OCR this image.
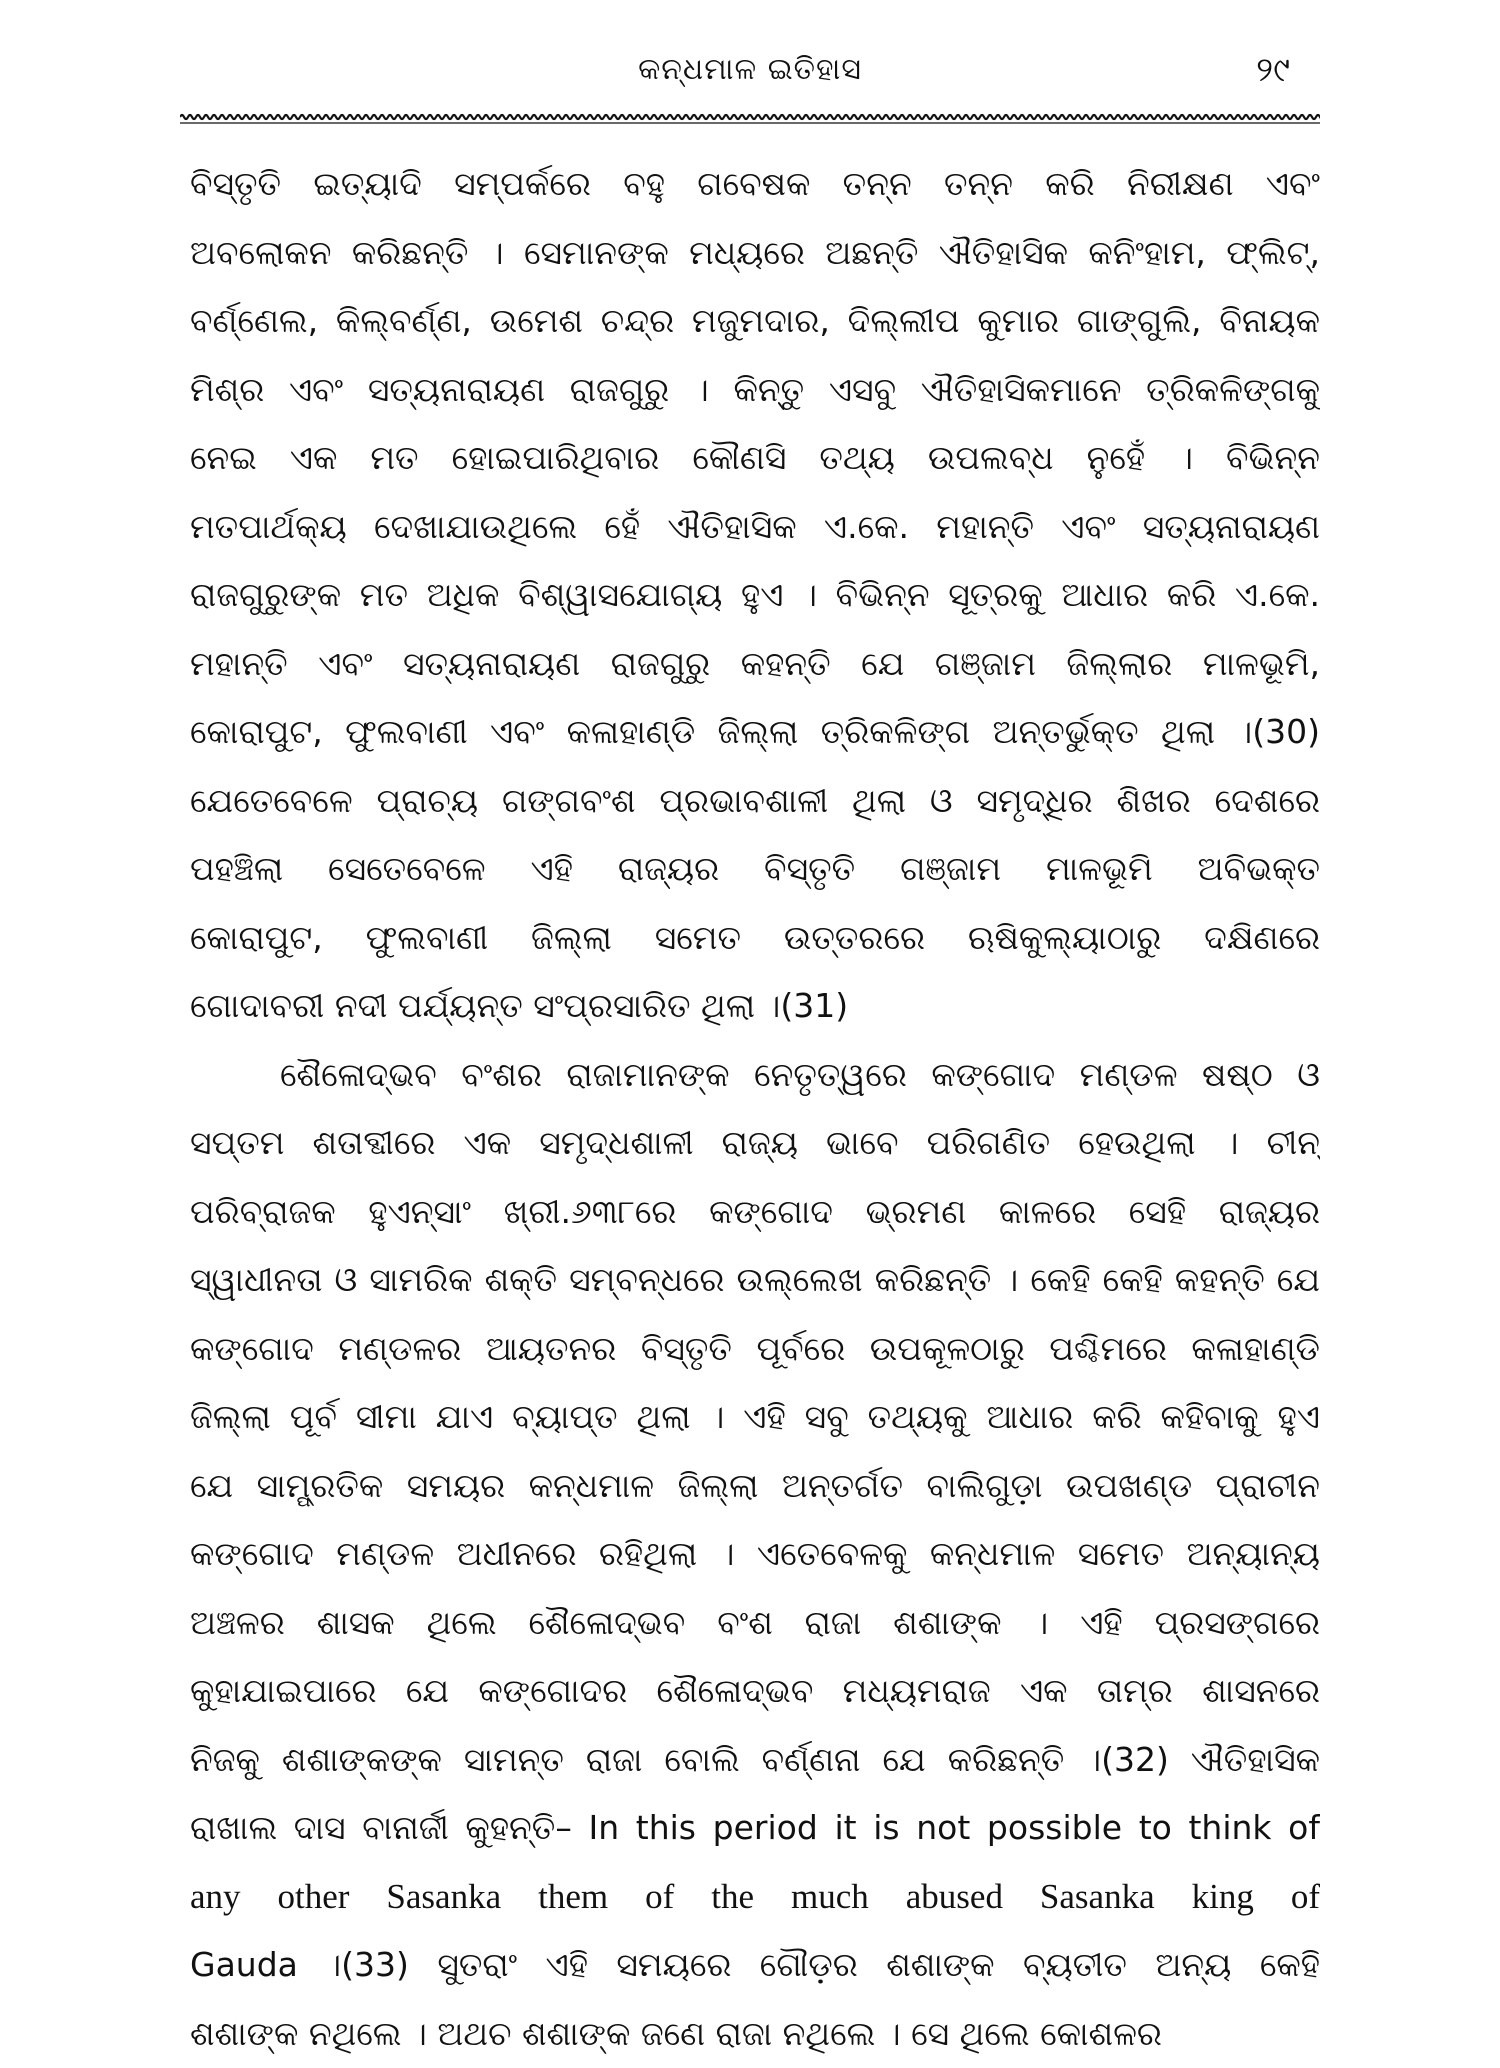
କନ୍ଧମାଳ ଇତିହାସ	୨୯
ବିସ୍ତୃତି ଇତ୍ୟାଦି ସମ୍ପର୍କରେ ବହୁ ଗବେଷକ ତନ୍ନ ତନ୍ନ କରି ନିରୀକ୍ଷଣ ଏବଂ
ଅବଲୋକନ କରିଛନ୍ତି । ସେମାନଙ୍କ ମଧ୍ୟରେ ଅଛନ୍ତି ଐତିହାସିକ କନିଂହାମ, ଫ୍ଲିଟ୍,
ବର୍ଣ୍ଣେଲ, କିଲ୍‌ବର୍ଣ୍ଣ, ଉମେଶ ଚନ୍ଦ୍ର ମଜୁମଦାର, ଦିଲ୍ଲୀପ କୁମାର ଗାଙ୍ଗୁଲି, ବିନାୟକ
ମିଶ୍ର ଏବଂ ସତ୍ୟନାରାୟଣ ରାଜଗୁରୁ । କିନ୍ତୁ ଏସବୁ ଐତିହାସିକମାନେ ତ୍ରିକଳିଙ୍ଗକୁ
ନେଇ ଏକ ମତ ହୋଇପାରିଥିବାର କୌଣସି ତଥ୍ୟ ଉପଲବ୍ଧ ନୁହେଁ । ବିଭିନ୍ନ
ମତପାର୍ଥକ୍ୟ ଦେଖାଯାଉଥିଲେ ହେଁ ଐତିହାସିକ ଏ.କେ. ମହାନ୍ତି ଏବଂ ସତ୍ୟନାରାୟଣ
ରାଜଗୁରୁଙ୍କ ମତ ଅଧିକ ବିଶ୍ୱାସଯୋଗ୍ୟ ହୁଏ । ବିଭିନ୍ନ ସୂତ୍ରକୁ ଆଧାର କରି ଏ.କେ.
ମହାନ୍ତି ଏବଂ ସତ୍ୟନାରାୟଣ ରାଜଗୁରୁ କହନ୍ତି ଯେ ଗଞ୍ଜାମ ଜିଲ୍ଲାର ମାଳଭୂମି,
କୋରାପୁଟ, ଫୁଲବାଣୀ ଏବଂ କଳାହାଣ୍ଡି ଜିଲ୍ଲା ତ୍ରିକଳିଙ୍ଗ ଅନ୍ତର୍ଭୁକ୍ତ ଥିଲା ।(30)
ଯେତେବେଳେ ପ୍ରାଚ୍ୟ ଗଙ୍ଗବଂଶ ପ୍ରଭାବଶାଳୀ ଥିଲା ଓ ସମୃଦ୍ଧିର ଶିଖର ଦେଶରେ
ପହଞ୍ଚିଲା ସେତେବେଳେ ଏହି ରାଜ୍ୟର ବିସ୍ତୃତି ଗଞ୍ଜାମ ମାଳଭୂମି ଅବିଭକ୍ତ
କୋରାପୁଟ, ଫୁଲବାଣୀ ଜିଲ୍ଲା ସମେତ ଉତ୍ତରରେ ଋଷିକୁଲ୍ୟାଠାରୁ ଦକ୍ଷିଣରେ
ଗୋଦାବରୀ ନଦୀ ପର୍ଯ୍ୟନ୍ତ ସଂପ୍ରସାରିତ ଥିଲା ।(31)
ଶୈଳୋଦ୍ଭବ ବଂଶର ରାଜାମାନଙ୍କ ନେତୃତ୍ୱରେ କଙ୍ଗୋଦ ମଣ୍ଡଳ ଷଷ୍ଠ ଓ
ସପ୍ତମ ଶତାବ୍ଦୀରେ ଏକ ସମୃଦ୍ଧଶାଳୀ ରାଜ୍ୟ ଭାବେ ପରିଗଣିତ ହେଉଥିଲା । ଚୀନ୍
ପରିବ୍ରାଜକ ହୁଏନ୍‌ସାଂ ଖ୍ରୀ.୬୩୮ରେ କଙ୍ଗୋଦ ଭ୍ରମଣ କାଳରେ ସେହି ରାଜ୍ୟର
ସ୍ୱାଧୀନତା ଓ ସାମରିକ ଶକ୍ତି ସମ୍ବନ୍ଧରେ ଉଲ୍ଲେଖ କରିଛନ୍ତି । କେହି କେହି କହନ୍ତି ଯେ
କଙ୍ଗୋଦ ମଣ୍ଡଳର ଆୟତନର ବିସ୍ତୃତି ପୂର୍ବରେ ଉପକୂଳଠାରୁ ପଶ୍ଚିମରେ କଳାହାଣ୍ଡି
ଜିଲ୍ଲା ପୂର୍ବ ସୀମା ଯାଏ ବ୍ୟାପ୍ତ ଥିଲା । ଏହି ସବୁ ତଥ୍ୟକୁ ଆଧାର କରି କହିବାକୁ ହୁଏ
ଯେ ସାମ୍ପ୍ରତିକ ସମୟର କନ୍ଧମାଳ ଜିଲ୍ଲା ଅନ୍ତର୍ଗତ ବାଲିଗୁଡ଼ା ଉପଖଣ୍ଡ ପ୍ରାଚୀନ
କଙ୍ଗୋଦ ମଣ୍ଡଳ ଅଧୀନରେ ରହିଥିଲା । ଏତେବେଳକୁ କନ୍ଧମାଳ ସମେତ ଅନ୍ୟାନ୍ୟ
ଅଞ୍ଚଳର ଶାସକ ଥିଲେ ଶୈଳୋଦ୍ଭବ ବଂଶ ରାଜା ଶଶାଙ୍କ । ଏହି ପ୍ରସଙ୍ଗରେ
କୁହାଯାଇପାରେ ଯେ କଙ୍ଗୋଦର ଶୈଳୋଦ୍ଭବ ମଧ୍ୟମରାଜ ଏକ ତାମ୍ର ଶାସନରେ
ନିଜକୁ ଶଶାଙ୍କଙ୍କ ସାମନ୍ତ ରାଜା ବୋଲି ବର୍ଣ୍ଣନା ଯେ କରିଛନ୍ତି ।(32) ଐତିହାସିକ
ରାଖାଲ ଦାସ ବାନାର୍ଜୀ କୁହନ୍ତି– In this period it is not possible to think of
any other Sasanka them of the much abused Sasanka king of
Gauda ।(33) ସୁତରାଂ ଏହି ସମୟରେ ଗୌଡ଼ର ଶଶାଙ୍କ ବ୍ୟତୀତ ଅନ୍ୟ କେହି
ଶଶାଙ୍କ ନଥିଲେ । ଅଥଚ ଶଶାଙ୍କ ଜଣେ ରାଜା ନଥିଲେ । ସେ ଥିଲେ କୋଶଳର
